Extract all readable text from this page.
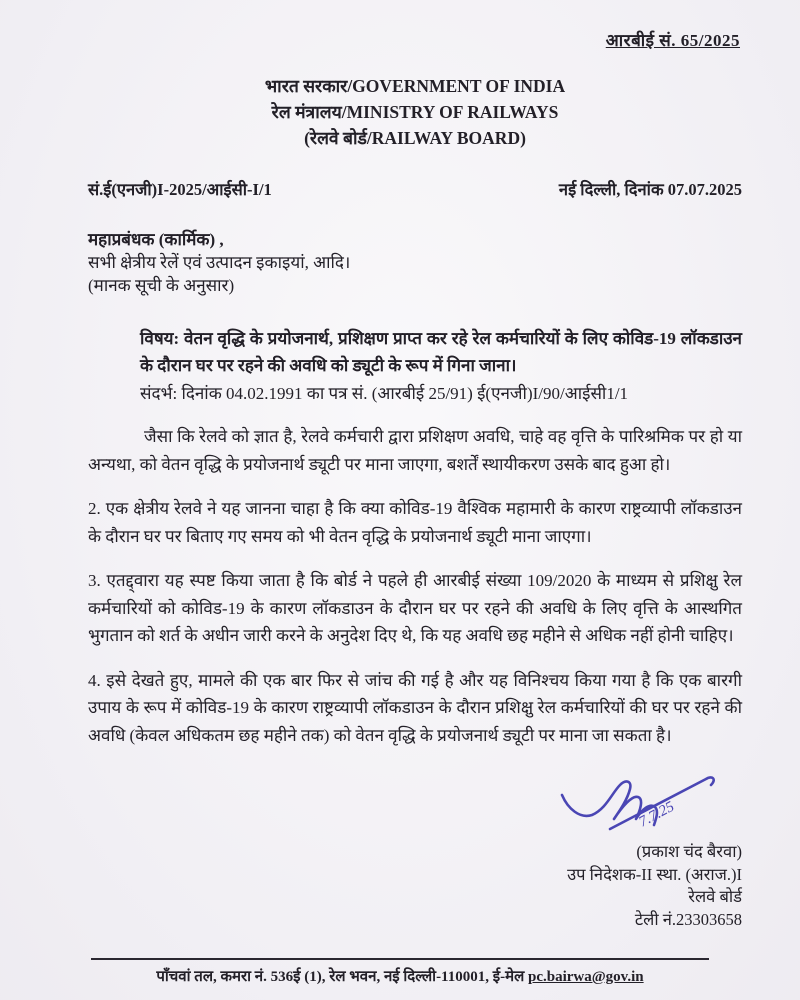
आरबीई सं. 65/2025
भारत सरकार/GOVERNMENT OF INDIA
रेल मंत्रालय/MINISTRY OF RAILWAYS
(रेलवे बोर्ड/RAILWAY BOARD)
सं.ई(एनजी)I-2025/आईसी-I/1	नई दिल्ली, दिनांक 07.07.2025
महाप्रबंधक (कार्मिक) ,
सभी क्षेत्रीय रेलें एवं उत्पादन इकाइयां, आदि।
(मानक सूची के अनुसार)
विषय: वेतन वृद्धि के प्रयोजनार्थ, प्रशिक्षण प्राप्त कर रहे रेल कर्मचारियों के लिए कोविड-19 लॉकडाउन के दौरान घर पर रहने की अवधि को ड्यूटी के रूप में गिना जाना।
संदर्भ: दिनांक 04.02.1991 का पत्र सं. (आरबीई 25/91) ई(एनजी)I/90/आईसी1/1
जैसा कि रेलवे को ज्ञात है, रेलवे कर्मचारी द्वारा प्रशिक्षण अवधि, चाहे वह वृत्ति के पारिश्रमिक पर हो या अन्यथा, को वेतन वृद्धि के प्रयोजनार्थ ड्यूटी पर माना जाएगा, बशर्तें स्थायीकरण उसके बाद हुआ हो।
2. एक क्षेत्रीय रेलवे ने यह जानना चाहा है कि क्या कोविड-19 वैश्विक महामारी के कारण राष्ट्रव्यापी लॉकडाउन के दौरान घर पर बिताए गए समय को भी वेतन वृद्धि के प्रयोजनार्थ ड्यूटी माना जाएगा।
3. एतद्द्वारा यह स्पष्ट किया जाता है कि बोर्ड ने पहले ही आरबीई संख्या 109/2020 के माध्यम से प्रशिक्षु रेल कर्मचारियों को कोविड-19 के कारण लॉकडाउन के दौरान घर पर रहने की अवधि के लिए वृत्ति के आस्थगित भुगतान को शर्त के अधीन जारी करने के अनुदेश दिए थे, कि यह अवधि छह महीने से अधिक नहीं होनी चाहिए।
4. इसे देखते हुए, मामले की एक बार फिर से जांच की गई है और यह विनिश्चय किया गया है कि एक बारगी उपाय के रूप में कोविड-19 के कारण राष्ट्रव्यापी लॉकडाउन के दौरान प्रशिक्षु रेल कर्मचारियों की घर पर रहने की अवधि (केवल अधिकतम छह महीने तक) को वेतन वृद्धि के प्रयोजनार्थ ड्यूटी पर माना जा सकता है।
7.7.25
(प्रकाश चंद बैरवा)
उप निदेशक-II स्था. (अराज.)I
रेलवे बोर्ड
टेली नं.23303658
पाँचवां तल, कमरा नं. 536ई (1), रेल भवन, नई दिल्ली-110001, ई-मेल pc.bairwa@gov.in
